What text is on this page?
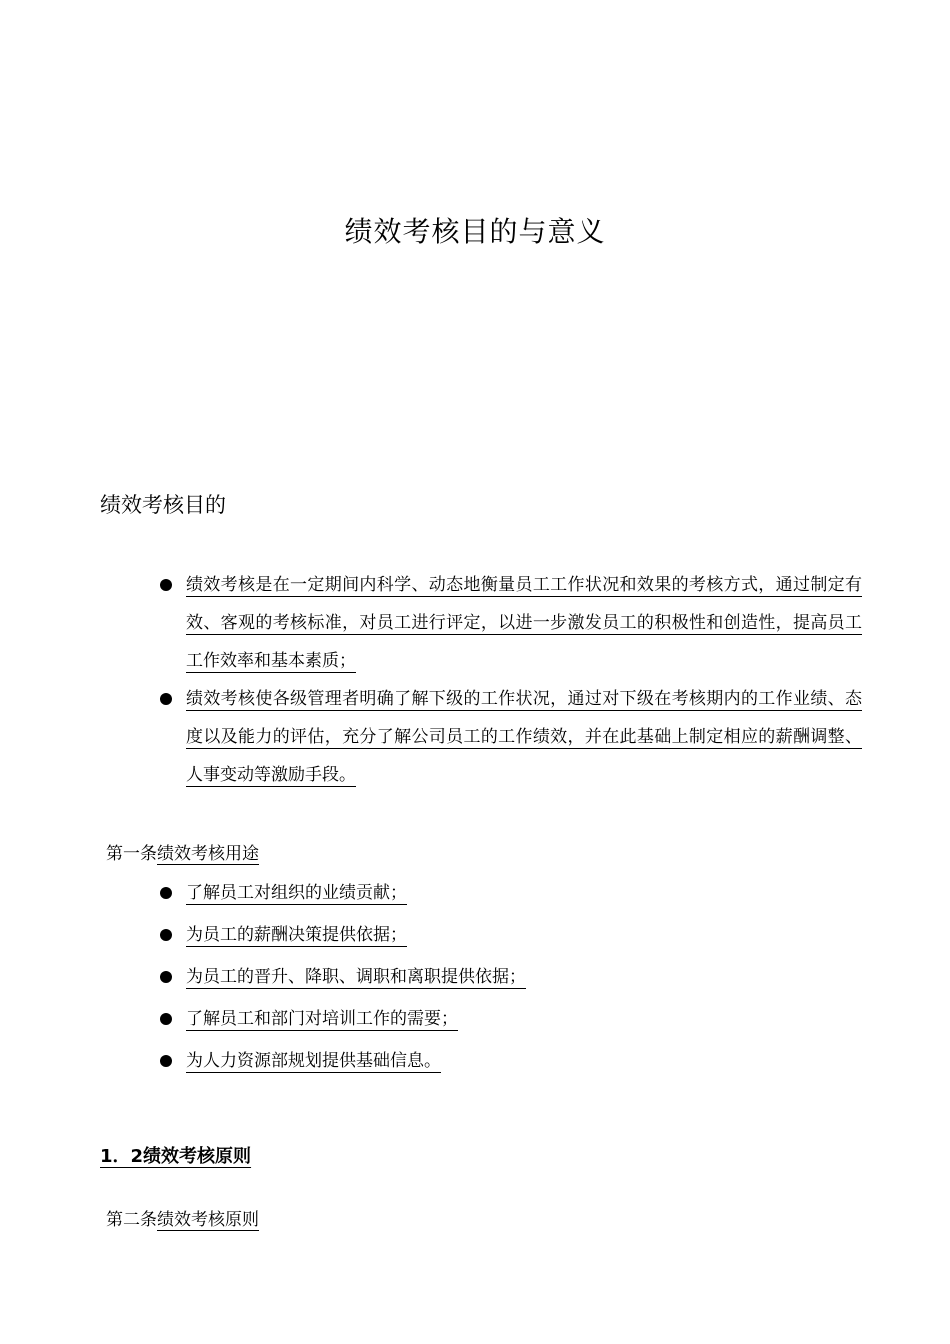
绩效考核目的与意义
绩效考核目的
绩效考核是在一定期间内科学、动态地衡量员工工作状况和效果的考核方式，通过制定有效、客观的考核标准，对员工进行评定，以进一步激发员工的积极性和创造性，提高员工工作效率和基本素质；
绩效考核使各级管理者明确了解下级的工作状况，通过对下级在考核期内的工作业绩、态度以及能力的评估，充分了解公司员工的工作绩效，并在此基础上制定相应的薪酬调整、人事变动等激励手段。
第一条绩效考核用途
了解员工对组织的业绩贡献；
为员工的薪酬决策提供依据；
为员工的晋升、降职、调职和离职提供依据；
了解员工和部门对培训工作的需要；
为人力资源部规划提供基础信息。
1．2绩效考核原则
第二条绩效考核原则
